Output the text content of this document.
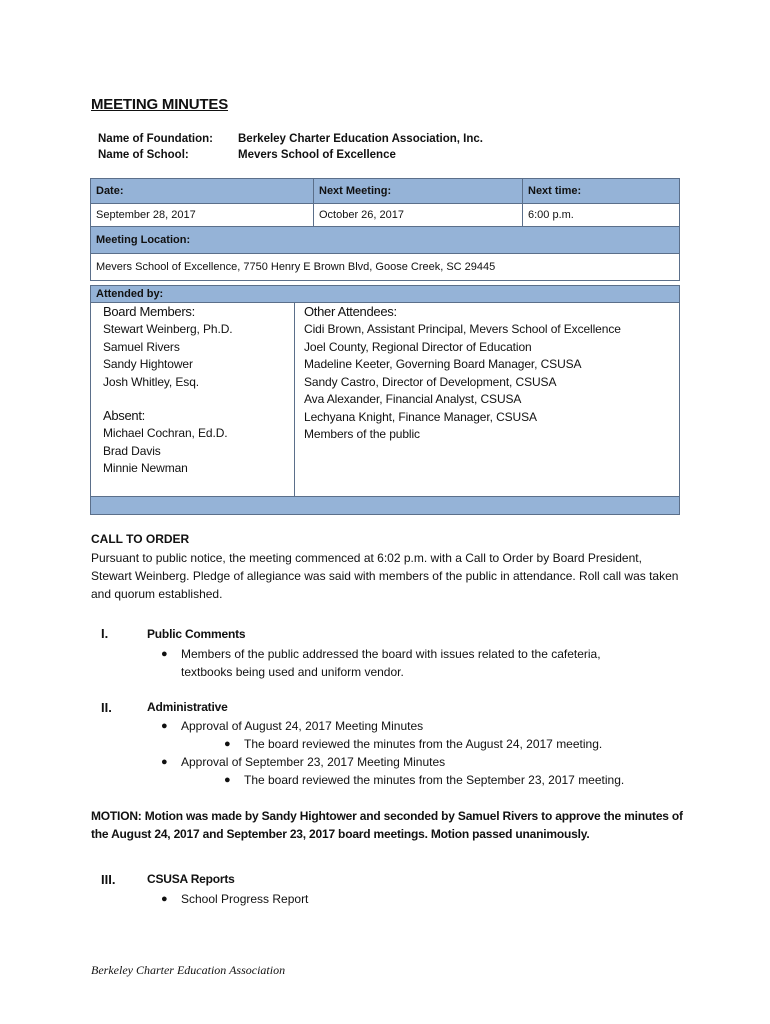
MEETING MINUTES
Name of Foundation: Berkeley Charter Education Association, Inc.
Name of School:	Mevers School of Excellence
Date:	Next Meeting:	Next time:
September 28, 2017	October 26, 2017	6:00 p.m.
Meeting Location:		
Mevers School of Excellence, 7750 Henry E Brown Blvd, Goose Creek, SC 29445		
Attended by:
Board Members:
Stewart Weinberg, Ph.D.
Samuel Rivers
Sandy Hightower
Josh Whitley, Esq.
Absent:
Michael Cochran, Ed.D.
Brad Davis
Minnie Newman
Other Attendees:
Cidi Brown, Assistant Principal, Mevers School of Excellence
Joel County, Regional Director of Education
Madeline Keeter, Governing Board Manager, CSUSA
Sandy Castro, Director of Development, CSUSA
Ava Alexander, Financial Analyst, CSUSA
Lechyana Knight, Finance Manager, CSUSA
Members of the public
CALL TO ORDER
Pursuant to public notice, the meeting commenced at 6:02 p.m. with a Call to Order by Board President, Stewart Weinberg. Pledge of allegiance was said with members of the public in attendance. Roll call was taken and quorum established.
I.	Public Comments
● Members of the public addressed the board with issues related to the cafeteria, textbooks being used and uniform vendor.
II.	Administrative
● Approval of August 24, 2017 Meeting Minutes
● The board reviewed the minutes from the August 24, 2017 meeting.
● Approval of September 23, 2017 Meeting Minutes
● The board reviewed the minutes from the September 23, 2017 meeting.
MOTION: Motion was made by Sandy Hightower and seconded by Samuel Rivers to approve the minutes of the August 24, 2017 and September 23, 2017 board meetings. Motion passed unanimously.
III.	CSUSA Reports
● School Progress Report
Berkeley Charter Education Association
